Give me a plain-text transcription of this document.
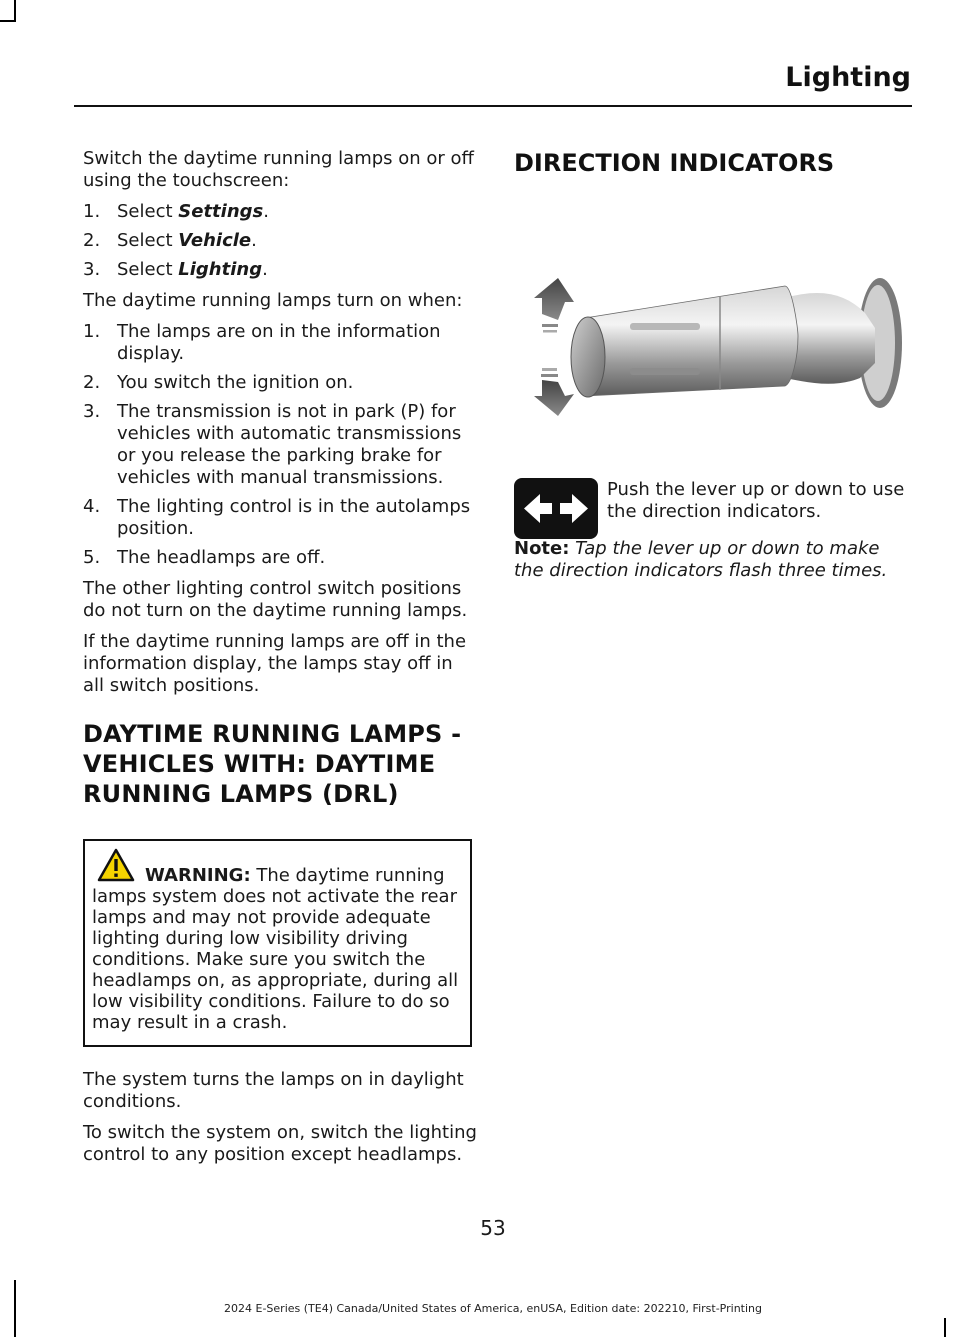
Lighting

Switch the daytime running lamps on or off using the touchscreen:

1. Select Settings.
2. Select Vehicle.
3. Select Lighting.

The daytime running lamps turn on when:

1. The lamps are on in the information display.
2. You switch the ignition on.
3. The transmission is not in park (P) for vehicles with automatic transmissions or you release the parking brake for vehicles with manual transmissions.
4. The lighting control is in the autolamps position.
5. The headlamps are off.

The other lighting control switch positions do not turn on the daytime running lamps.

If the daytime running lamps are off in the information display, the lamps stay off in all switch positions.

DAYTIME RUNNING LAMPS - VEHICLES WITH: DAYTIME RUNNING LAMPS (DRL)
WARNING: The daytime running lamps system does not activate the rear lamps and may not provide adequate lighting during low visibility driving conditions. Make sure you switch the headlamps on, as appropriate, during all low visibility conditions. Failure to do so may result in a crash.

The system turns the lamps on in daylight conditions.

To switch the system on, switch the lighting control to any position except headlamps.

DIRECTION INDICATORS
Push the lever up or down to use the direction indicators.
Note: Tap the lever up or down to make the direction indicators flash three times.
53
2024 E-Series (TE4) Canada/United States of America, enUSA, Edition date: 202210, First-Printing
